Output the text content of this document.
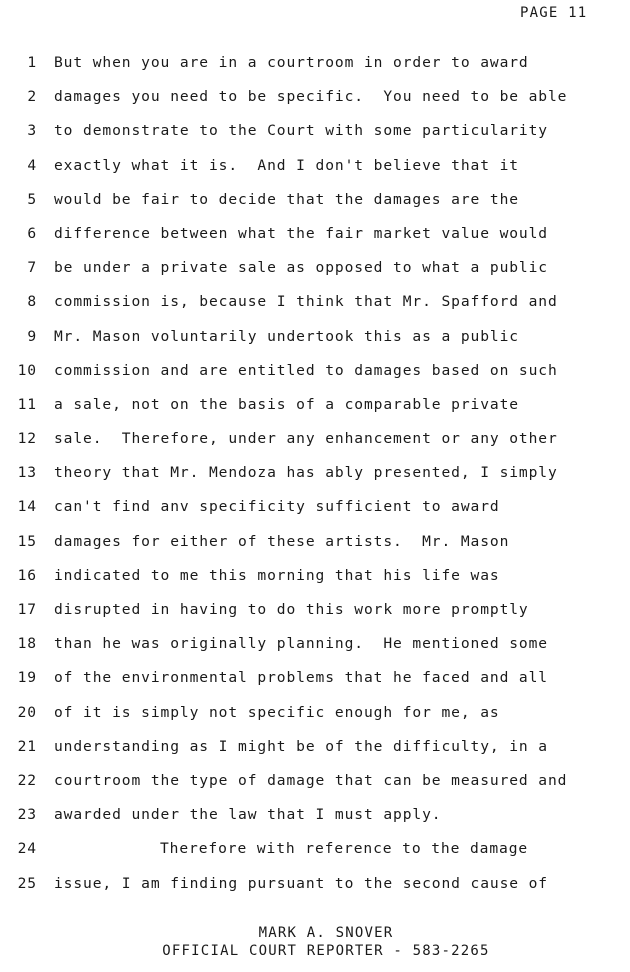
PAGE 11
1 But when you are in a courtroom in order to award
2 damages you need to be specific.  You need to be able
3 to demonstrate to the Court with some particularity
4 exactly what it is.  And I don't believe that it
5 would be fair to decide that the damages are the
6 difference between what the fair market value would
7 be under a private sale as opposed to what a public
8 commission is, because I think that Mr. Spafford and
9 Mr. Mason voluntarily undertook this as a public
10 commission and are entitled to damages based on such
11 a sale, not on the basis of a comparable private
12 sale.  Therefore, under any enhancement or any other
13 theory that Mr. Mendoza has ably presented, I simply
14 can't find anv specificity sufficient to award
15 damages for either of these artists.  Mr. Mason
16 indicated to me this morning that his life was
17 disrupted in having to do this work more promptly
18 than he was originally planning.  He mentioned some
19 of the environmental problems that he faced and all
20 of it is simply not specific enough for me, as
21 understanding as I might be of the difficulty, in a
22 courtroom the type of damage that can be measured and
23 awarded under the law that I must apply.
24	Therefore with reference to the damage
25 issue, I am finding pursuant to the second cause of
MARK A. SNOVER
OFFICIAL COURT REPORTER - 583-2265
